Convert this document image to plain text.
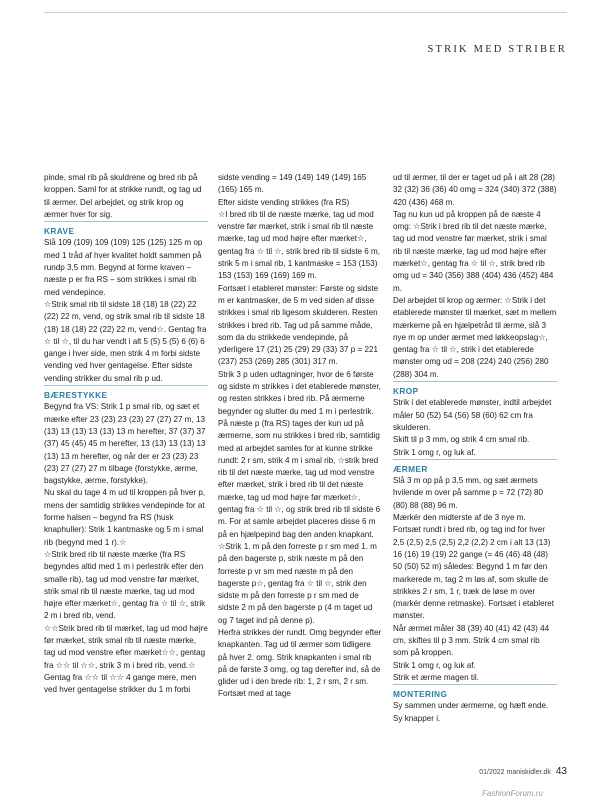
STRIK MED STRIBER

pinde, smal rib på skuldrene og bred rib på kroppen. Saml for at strikke rundt, og tag ud til ærmer. Del arbejdet, og strik krop og ærmer hver for sig.

KRAVE

Slå 109 (109) 109 (109) 125 (125) 125 m op med 1 tråd af hver kvalitet holdt sammen på rundp 3,5 mm. Begynd at forme kraven – næste p er fra RS – som strikkes i smal rib med vendepince.

☆Strik smal rib til sidste 18 (18) 18 (22) 22 (22) 22 m, vend, og strik smal rib til sidste 18 (18) 18 (18) 22 (22) 22 m, vend☆. Gentag fra ☆ til ☆, til du har vendt i alt 5 (5) 5 (5) 6 (6) 6 gange i hver side, men strik 4 m forbi sidste vending ved hver gentagelse. Efter sidste vending strikker du smal rib p ud.

BÆRESTYKKE

Begynd fra VS: Strik 1 p smal rib, og sæt et mærke efter 23 (23) 23 (23) 27 (27) 27 m, 13 (13) 13 (13) 13 (13) 13 m herefter, 37 (37) 37 (37) 45 (45) 45 m herefter, 13 (13) 13 (13) 13 (13) 13 m herefter, og når der er 23 (23) 23 (23) 27 (27) 27 m tilbage (forstykke, ærme, bagstykke, ærme, forstykke).

Nu skal du tage 4 m ud til kroppen på hver p, mens der samtidig strikkes vendepinde for at forme halsen – begynd fra RS (husk knaphuller): Strik 1 kantmaske og 5 m i smal rib (begynd med 1 r).☆

☆Strik bred rib til næste mærke (fra RS begyndes altid med 1 m i perlestrik efter den smalle rib), tag ud mod venstre før mærket, strik smal rib til næste mærke, tag ud mod højre efter mærket☆, gentag fra ☆ til ☆, strik 2 m i bred rib, vend.

☆☆Strik bred rib til mærket, tag ud mod højre før mærket, strik smal rib til næste mærke, tag ud mod venstre efter mærket☆☆, gentag fra ☆☆ til ☆☆, strik 3 m i bred rib, vend.☆

Gentag fra ☆☆ til ☆☆ 4 gange mere, men ved hver gentagelse strikker du 1 m forbi

sidste vending = 149 (149) 149 (149) 165 (165) 165 m.

Efter sidste vending strikkes (fra RS)

☆I bred rib til de næste mærke, tag ud mod venstre før mærket, strik i smal rib til næste mærke, tag ud mod højre efter mærket☆, gentag fra ☆ til ☆, strik bred rib til sidste 6 m, strik 5 m i smal rib, 1 kantmaske = 153 (153) 153 (153) 169 (169) 169 m.

Fortsæt i etableret mønster: Første og sidste m er kantmasker, de 5 m ved siden af disse strikkes i smal rib ligesom skulderen. Resten strikkes i bred rib. Tag ud på samme måde, som da du strikkede vendepinde, på yderligere 17 (21) 25 (29) 29 (33) 37 p = 221 (237) 253 (269) 285 (301) 317 m.

Strik 3 p uden udtagninger, hvor de 6 første og sidste m strikkes i det etablerede mønster, og resten strikkes i bred rib. På ærmerne begynder og slutter du med 1 m i perlestrik.

På næste p (fra RS) tages der kun ud på ærmerne, som nu strikkes i bred rib, samtidig med at arbejdet samles for at kunne strikke rundt: 2 r sm, strik 4 m i smal rib, ☆strik bred rib til det næste mærke, tag ud mod venstre efter mærket, strik i bred rib til det næste mærke, tag ud mod højre før mærket☆, gentag fra ☆ til ☆, og strik bred rib til sidste 6 m. For at samle arbejdet placeres disse 6 m på en hjælpepind bag den anden knapkant. ☆Strik 1. m på den forreste p r sm med 1. m på den bagerste p, strik næste m på den forreste p vr sm med næste m på den bagerste p☆, gentag fra ☆ til ☆, strik den sidste m på den forreste p r sm med de sidste 2 m på den bagerste p (4 m taget ud og 7 taget ind på denne p).

Herfra strikkes der rundt. Omg begynder efter knapkanten. Tag ud til ærmer som tidligere på hver 2. omg. Strik knapkanten i smal rib på de første 3 omg, og tag derefter ind, så de glider ud i den brede rib: 1, 2 r sm, 2 r sm. Fortsæt med at tage

ud til ærmer, til der er taget ud på i alt 28 (28) 32 (32) 36 (36) 40 omg = 324 (340) 372 (388) 420 (436) 468 m.

Tag nu kun ud på kroppen på de næste 4 omg: ☆Strik i bred rib til det næste mærke, tag ud mod venstre før mærket, strik i smal rib til næste mærke, tag ud mod højre efter mærket☆, gentag fra ☆ til ☆, strik bred rib omg ud = 340 (356) 388 (404) 436 (452) 484 m.

Del arbejdet til krop og ærmer: ☆Strik i det etablerede mønster til mærket, sæt m mellem mærkerne på en hjælpetråd til ærme, slå 3 nye m op under ærmet med løkkeopslag☆, gentag fra ☆ til ☆, strik i det etablerede mønster omg ud = 208 (224) 240 (256) 280 (288) 304 m.

KROP

Strik i det etablerede mønster, indtil arbejdet måler 50 (52) 54 (56) 58 (60) 62 cm fra skulderen.

Skift til p 3 mm, og strik 4 cm smal rib.

Strik 1 omg r, og luk af.

ÆRMER

Slå 3 m op på p 3,5 mm, og sæt ærmets hvilende m over på samme p = 72 (72) 80 (80) 88 (88) 96 m.

Mærkér den midterste af de 3 nye m.

Fortsæt rundt i bred rib, og tag ind for hver 2,5 (2,5) 2,5 (2,5) 2,2 (2,2) 2 cm i alt 13 (13) 16 (16) 19 (19) 22 gange (= 46 (46) 48 (48) 50 (50) 52 m) således: Begynd 1 m før den markerede m, tag 2 m løs af, som skulle de strikkes 2 r sm, 1 r, træk de løse m over (markér denne retmaske). Fortsæt i etableret mønster.

Når ærmet måler 38 (39) 40 (41) 42 (43) 44 cm, skiftes til p 3 mm. Strik 4 cm smal rib som på kroppen.

Strik 1 omg r, og luk af.

Strik et ærme magen til.

MONTERING

Sy sammen under ærmerne, og hæft ende. Sy knapper i.

01/2022 maniskidler.dk 43
FashionForum.ru
